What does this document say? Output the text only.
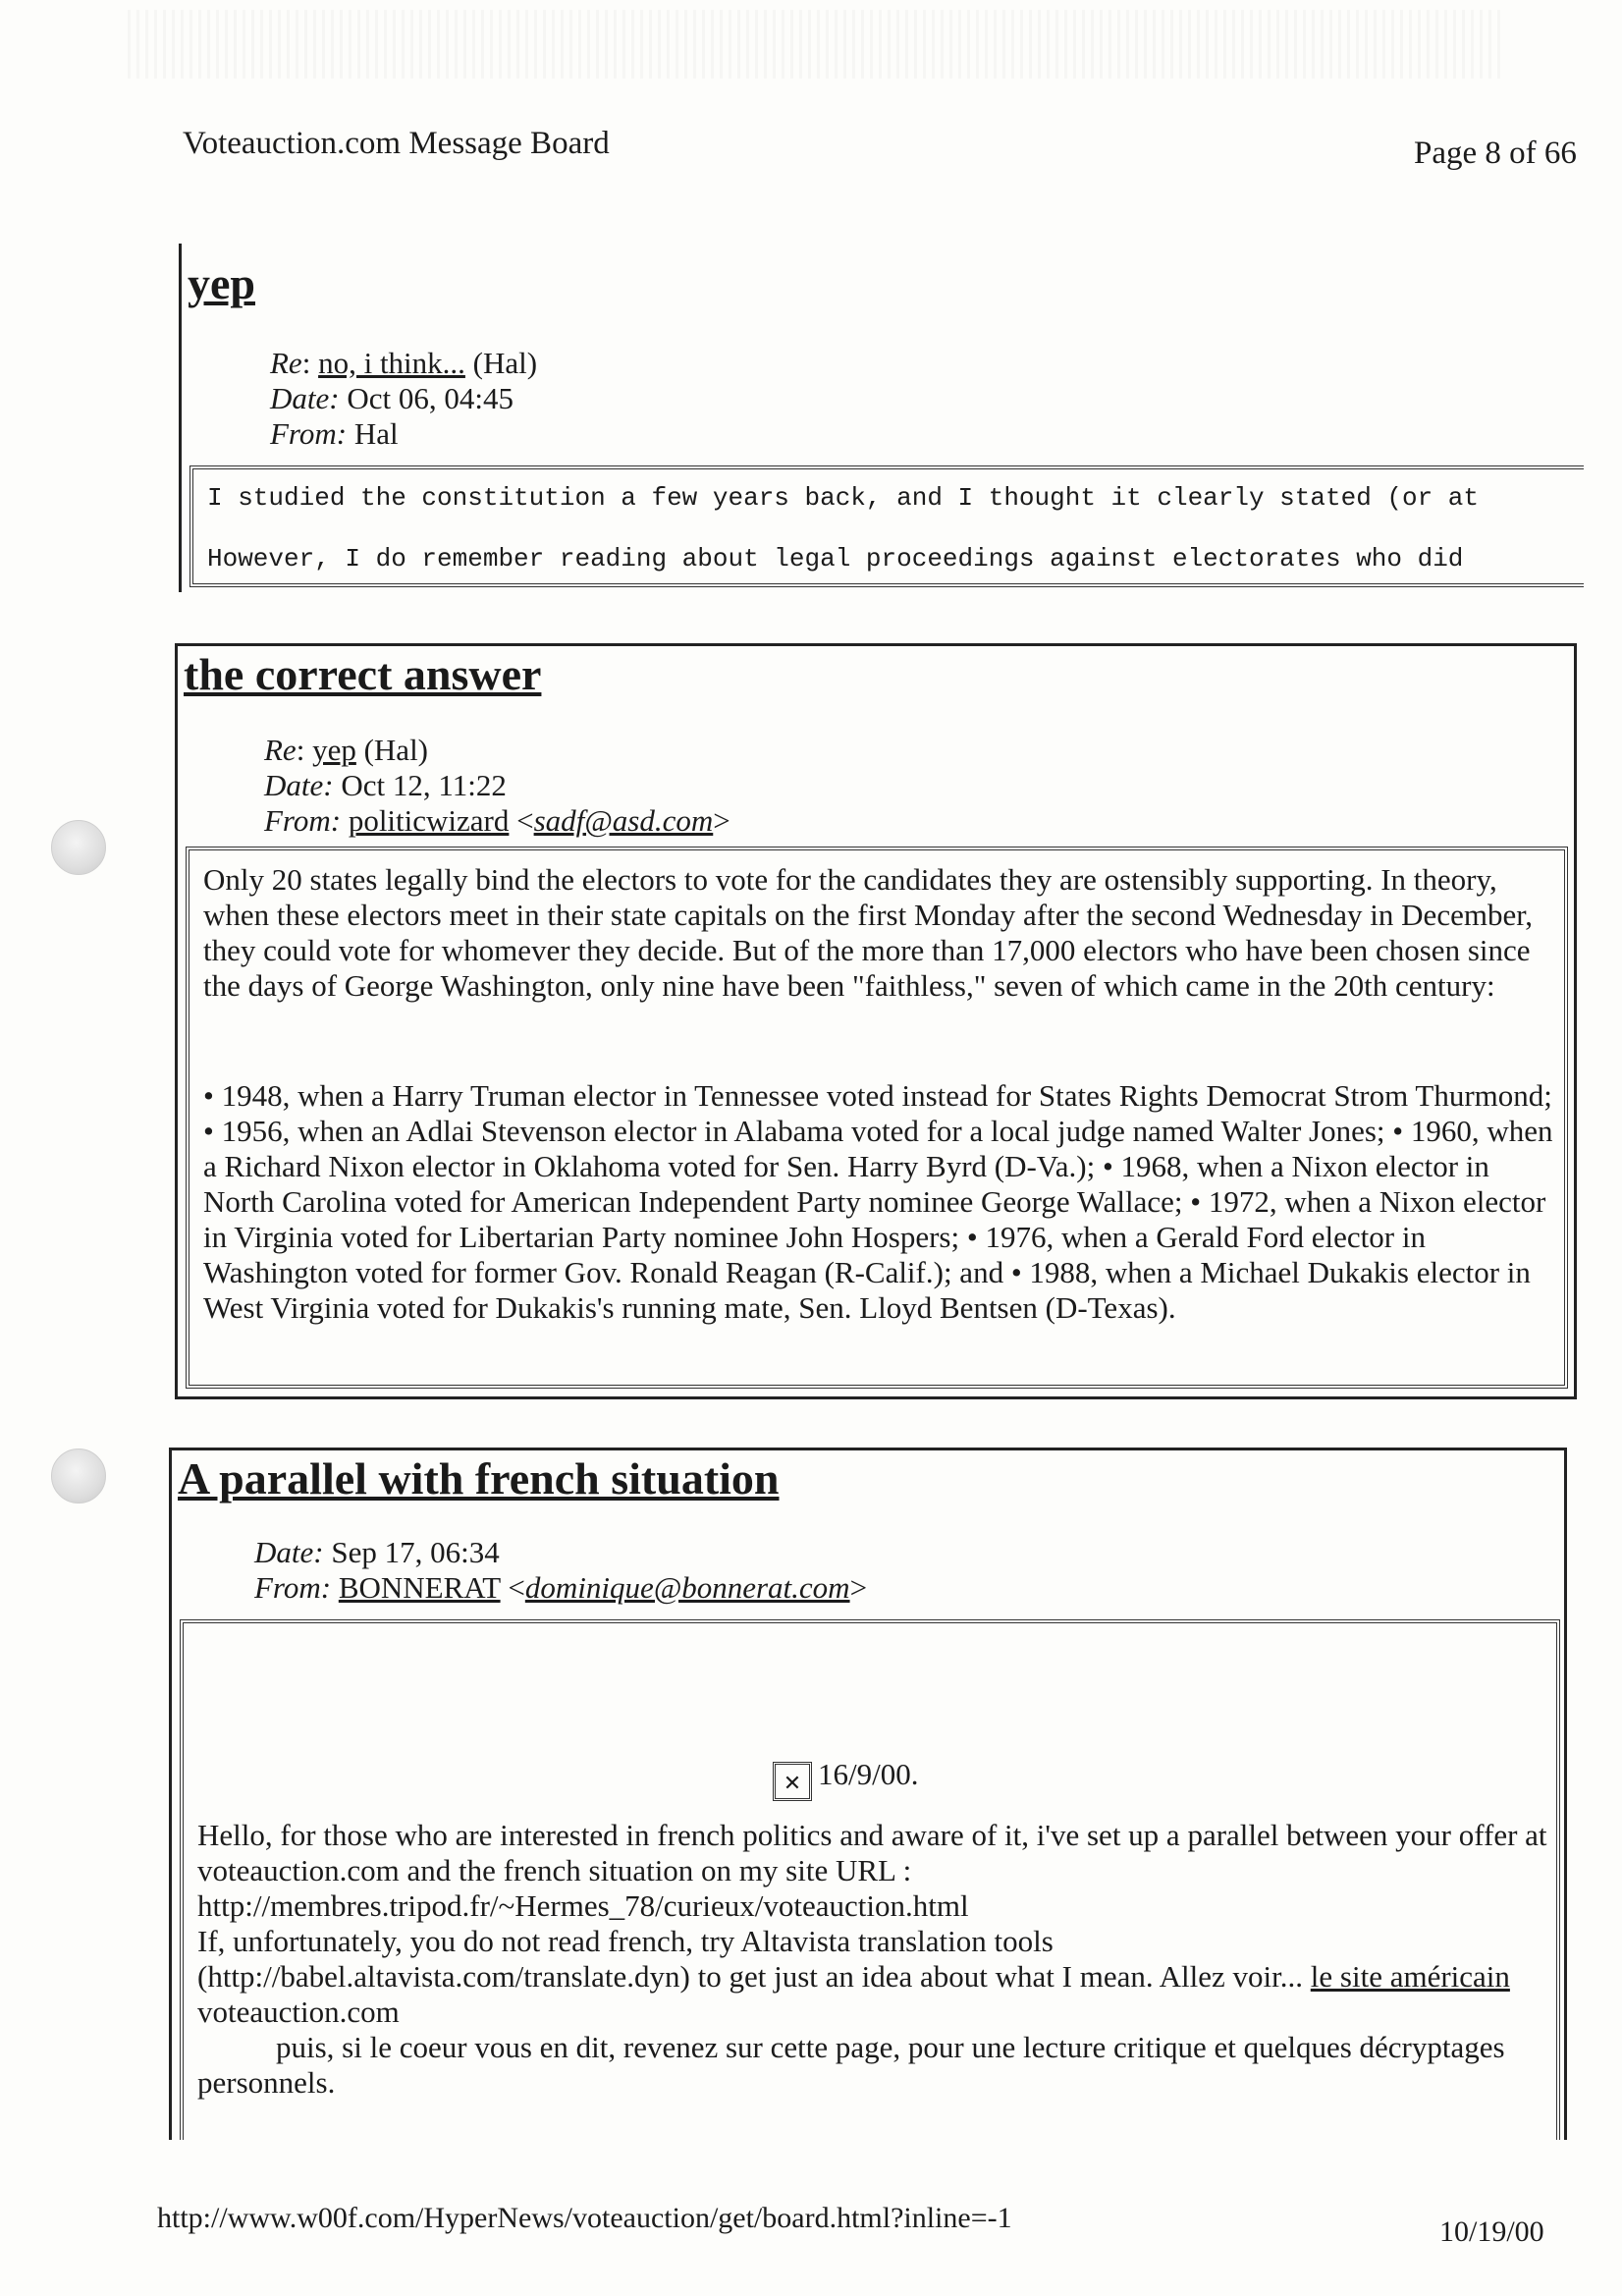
Voteauction.com Message Board	Page 8 of 66
yep
Re: no, i think... (Hal)
Date: Oct 06, 04:45
From: Hal
I studied the constitution a few years back, and I thought it clearly stated (or at
However, I do remember reading about legal proceedings against electorates who did
the correct answer
Re: yep (Hal)
Date: Oct 12, 11:22
From: politicwizard <sadf@asd.com>
Only 20 states legally bind the electors to vote for the candidates they are ostensibly supporting. In theory, when these electors meet in their state capitals on the first Monday after the second Wednesday in December, they could vote for whomever they decide. But of the more than 17,000 electors who have been chosen since the days of George Washington, only nine have been "faithless," seven of which came in the 20th century:
• 1948, when a Harry Truman elector in Tennessee voted instead for States Rights Democrat Strom Thurmond; • 1956, when an Adlai Stevenson elector in Alabama voted for a local judge named Walter Jones; • 1960, when a Richard Nixon elector in Oklahoma voted for Sen. Harry Byrd (D-Va.); • 1968, when a Nixon elector in North Carolina voted for American Independent Party nominee George Wallace; • 1972, when a Nixon elector in Virginia voted for Libertarian Party nominee John Hospers; • 1976, when a Gerald Ford elector in Washington voted for former Gov. Ronald Reagan (R-Calif.); and • 1988, when a Michael Dukakis elector in West Virginia voted for Dukakis's running mate, Sen. Lloyd Bentsen (D-Texas).
A parallel with french situation
Date: Sep 17, 06:34
From: BONNERAT <dominique@bonnerat.com>
✕ 16/9/00.
Hello, for those who are interested in french politics and aware of it, i've set up a parallel between your offer at voteauction.com and the french situation on my site URL : http://membres.tripod.fr/~Hermes_78/curieux/voteauction.html
If, unfortunately, you do not read french, try Altavista translation tools (http://babel.altavista.com/translate.dyn) to get just an idea about what I mean. Allez voir... le site américain voteauction.com
puis, si le coeur vous en dit, revenez sur cette page, pour une lecture critique et quelques décryptages personnels.
http://www.w00f.com/HyperNews/voteauction/get/board.html?inline=-1	10/19/00
